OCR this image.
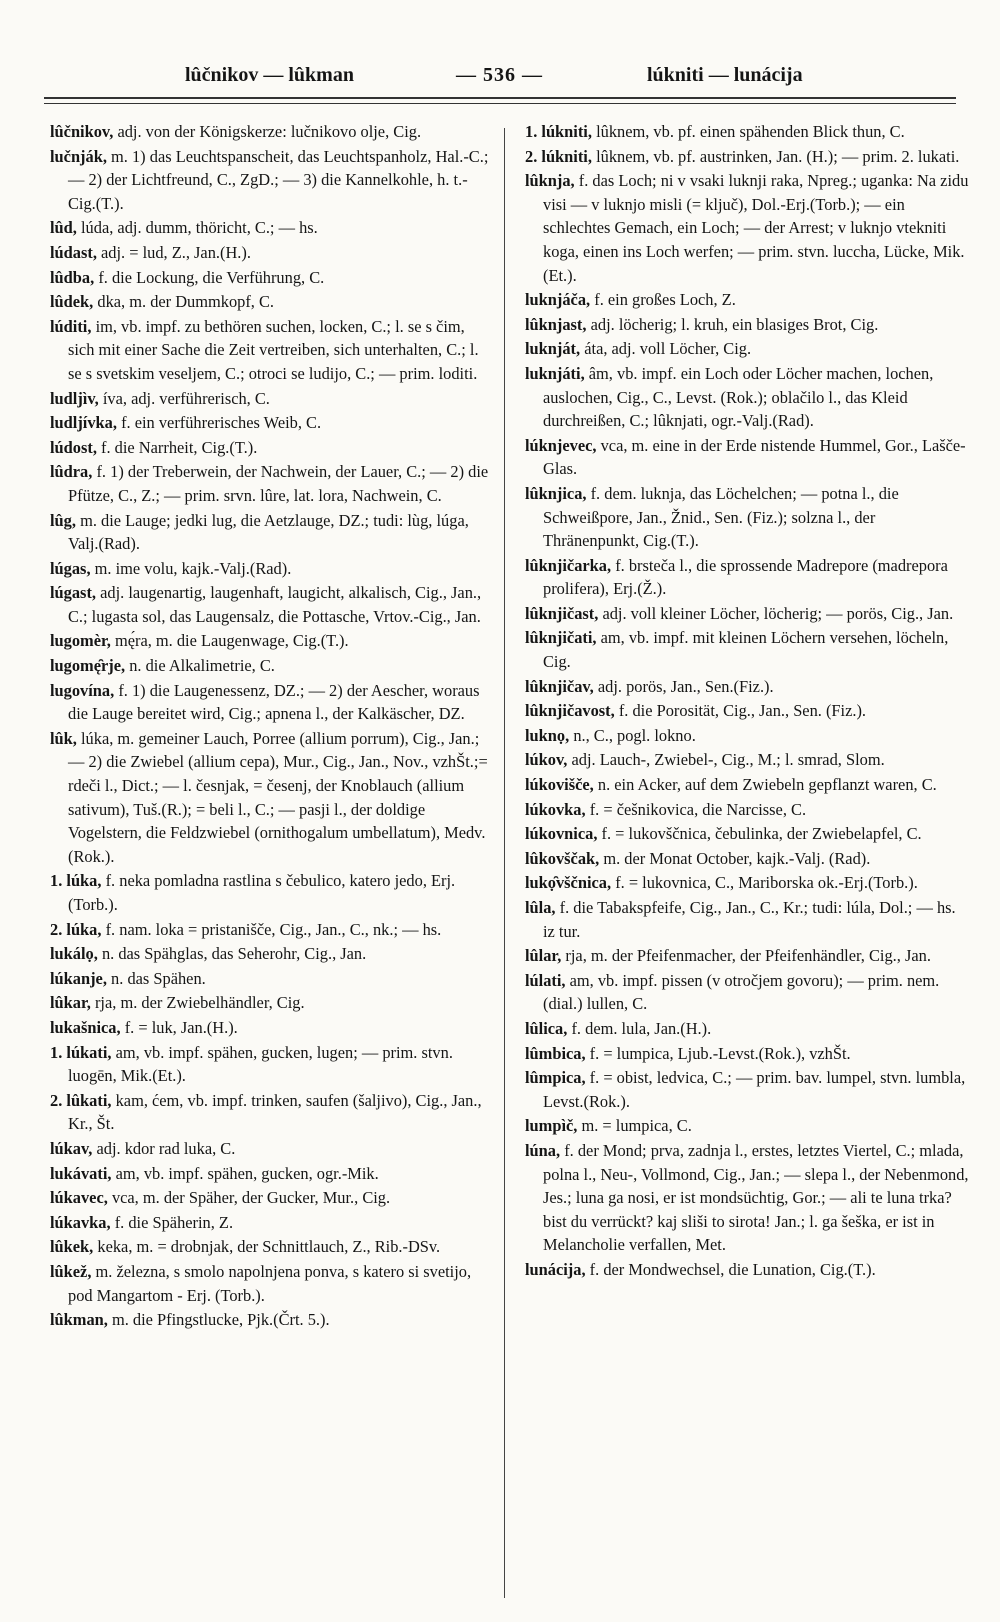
lûčnikov — lûkman	— 536 —	lúkniti — lunácija
lûčnikov, adj. von der Königskerze: lučnikovo olje, Cig.
lučnják, m. 1) das Leuchtspanscheit, das Leuchtspanholz, Hal.-C.; — 2) der Lichtfreund, C., ZgD.; — 3) die Kannelkohle, h. t.-Cig.(T.).
lûd, lúda, adj. dumm, thöricht, C.; — hs.
lúdast, adj. = lud, Z., Jan.(H.).
lûdba, f. die Lockung, die Verführung, C.
lûdek, dka, m. der Dummkopf, C.
lúditi, im, vb. impf. zu bethören suchen, locken, C.; l. se s čim, sich mit einer Sache die Zeit vertreiben, sich unterhalten, C.; l. se s svetskim veseljem, C.; otroci se ludijo, C.; — prim. loditi.
ludljìv, íva, adj. verführerisch, C.
ludljívka, f. ein verführerisches Weib, C.
lúdost, f. die Narrheit, Cig.(T.).
lûdra, f. 1) der Treberwein, der Nachwein, der Lauer, C.; — 2) die Pfütze, C., Z.; — prim. srvn. lûre, lat. lora, Nachwein, C.
lûg, m. die Lauge; jedki lug, die Aetzlauge, DZ.; tudi: lùg, lúga, Valj.(Rad).
lúgas, m. ime volu, kajk.-Valj.(Rad).
lúgast, adj. laugenartig, laugenhaft, laugicht, alkalisch, Cig., Jan., C.; lugasta sol, das Laugensalz, die Pottasche, Vrtov.-Cig., Jan.
lugomèr, mę́ra, m. die Laugenwage, Cig.(T.).
lugomę̑rje, n. die Alkalimetrie, C.
lugovína, f. 1) die Laugenessenz, DZ.; — 2) der Aescher, woraus die Lauge bereitet wird, Cig.; apnena l., der Kalkäscher, DZ.
lûk, lúka, m. gemeiner Lauch, Porree (allium porrum), Cig., Jan.; — 2) die Zwiebel (allium cepa), Mur., Cig., Jan., Nov., vzhŠt.;= rdeči l., Dict.; — l. česnjak, = česenj, der Knoblauch (allium sativum), Tuš.(R.); = beli l., C.; — pasji l., der doldige Vogelstern, die Feldzwiebel (ornithogalum umbellatum), Medv.(Rok.).
1. lúka, f. neka pomladna rastlina s čebulico, katero jedo, Erj.(Torb.).
2. lúka, f. nam. loka = pristanišče, Cig., Jan., C., nk.; — hs.
lukálọ, n. das Spähglas, das Seherohr, Cig., Jan.
lúkanje, n. das Spähen.
lûkar, rja, m. der Zwiebelhändler, Cig.
lukašnica, f. = luk, Jan.(H.).
1. lúkati, am, vb. impf. spähen, gucken, lugen; — prim. stvn. luogēn, Mik.(Et.).
2. lûkati, kam, ćem, vb. impf. trinken, saufen (šaljivo), Cig., Jan., Kr., Št.
lúkav, adj. kdor rad luka, C.
lukávati, am, vb. impf. spähen, gucken, ogr.-Mik.
lúkavec, vca, m. der Späher, der Gucker, Mur., Cig.
lúkavka, f. die Späherin, Z.
lûkek, keka, m. = drobnjak, der Schnittlauch, Z., Rib.-DSv.
lûkež, m. železna, s smolo napolnjena ponva, s katero si svetijo, pod Mangartom - Erj. (Torb.).
lûkman, m. die Pfingstlucke, Pjk.(Črt. 5.).
1. lúkniti, lûknem, vb. pf. einen spähenden Blick thun, C.
2. lúkniti, lûknem, vb. pf. austrinken, Jan. (H.); — prim. 2. lukati.
lûknja, f. das Loch; ni v vsaki luknji raka, Npreg.; uganka: Na zidu visi — v luknjo misli (= ključ), Dol.-Erj.(Torb.); — ein schlechtes Gemach, ein Loch; — der Arrest; v luknjo vtekniti koga, einen ins Loch werfen; — prim. stvn. luccha, Lücke, Mik.(Et.).
luknjáča, f. ein großes Loch, Z.
lûknjast, adj. löcherig; l. kruh, ein blasiges Brot, Cig.
luknját, áta, adj. voll Löcher, Cig.
luknjáti, âm, vb. impf. ein Loch oder Löcher machen, lochen, auslochen, Cig., C., Levst. (Rok.); oblačilo l., das Kleid durchreißen, C.; lûknjati, ogr.-Valj.(Rad).
lúknjevec, vca, m. eine in der Erde nistende Hummel, Gor., Lašče-Glas.
lûknjica, f. dem. luknja, das Löchelchen; — potna l., die Schweißpore, Jan., Žnid., Sen. (Fiz.); solzna l., der Thränenpunkt, Cig.(T.).
lûknjičarka, f. brsteča l., die sprossende Madrepore (madrepora prolifera), Erj.(Ž.).
lûknjičast, adj. voll kleiner Löcher, löcherig; — porös, Cig., Jan.
lûknjičati, am, vb. impf. mit kleinen Löchern versehen, löcheln, Cig.
lûknjičav, adj. porös, Jan., Sen.(Fiz.).
lûknjičavost, f. die Porosität, Cig., Jan., Sen. (Fiz.).
luknọ, n., C., pogl. lokno.
lúkov, adj. Lauch-, Zwiebel-, Cig., M.; l. smrad, Slom.
lúkovišče, n. ein Acker, auf dem Zwiebeln gepflanzt waren, C.
lúkovka, f. = češnikovica, die Narcisse, C.
lúkovnica, f. = lukovščnica, čebulinka, der Zwiebelapfel, C.
lûkovščak, m. der Monat October, kajk.-Valj. (Rad).
lukọ̑vščnica, f. = lukovnica, C., Mariborska ok.-Erj.(Torb.).
lûla, f. die Tabakspfeife, Cig., Jan., C., Kr.; tudi: lúla, Dol.; — hs. iz tur.
lûlar, rja, m. der Pfeifenmacher, der Pfeifenhändler, Cig., Jan.
lúlati, am, vb. impf. pissen (v otročjem govoru); — prim. nem. (dial.) lullen, C.
lûlica, f. dem. lula, Jan.(H.).
lûmbica, f. = lumpica, Ljub.-Levst.(Rok.), vzhŠt.
lûmpica, f. = obist, ledvica, C.; — prim. bav. lumpel, stvn. lumbla, Levst.(Rok.).
lumpìč, m. = lumpica, C.
lúna, f. der Mond; prva, zadnja l., erstes, letztes Viertel, C.; mlada, polna l., Neu-, Vollmond, Cig., Jan.; — slepa l., der Nebenmond, Jes.; luna ga nosi, er ist mondsüchtig, Gor.; — ali te luna trka? bist du verrückt? kaj sliši to sirota! Jan.; l. ga šeška, er ist in Melancholie verfallen, Met.
lunácija, f. der Mondwechsel, die Lunation, Cig.(T.).
